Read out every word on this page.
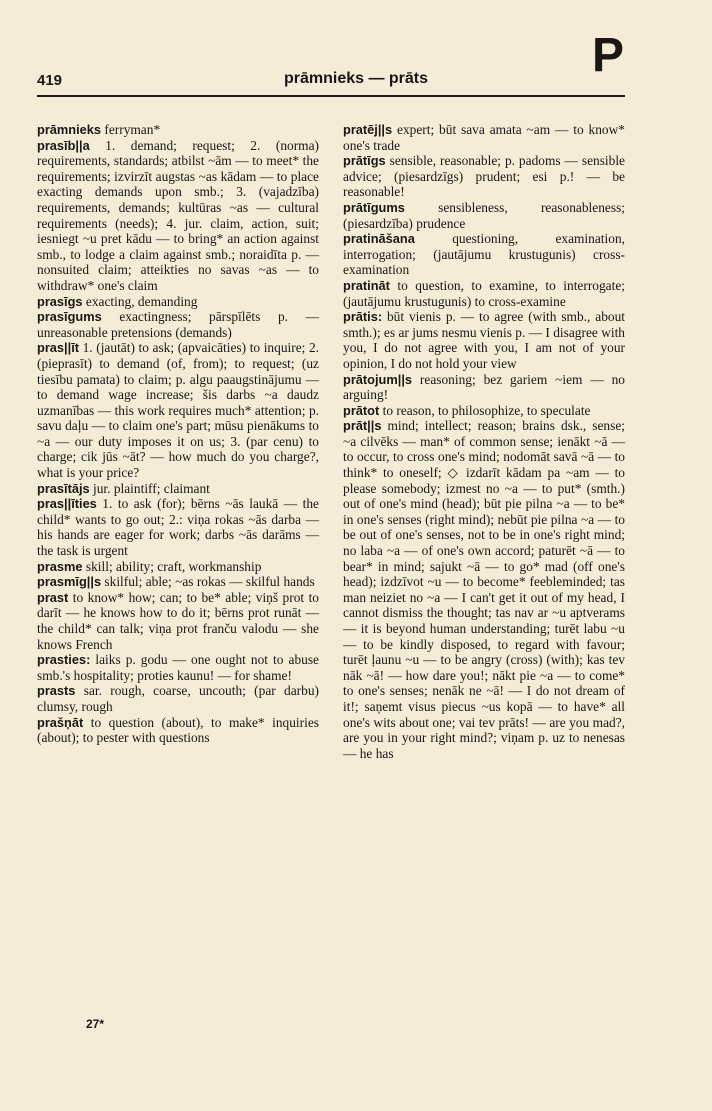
419	prāmnieks — prāts	P

prāmnieks ferryman*

prasīb||a 1. demand; request; 2. (norma) requirements, standards; atbilst ~ām — to meet* the requirements; izvirzīt augstas ~as kādam — to place exacting demands upon smb.; 3. (vajadzība) requirements, demands; kultūras ~as — cultural requirements (needs); 4. jur. claim, action, suit; iesniegt ~u pret kādu — to bring* an action against smb., to lodge a claim against smb.; noraidīta p. — nonsuited claim; atteikties no savas ~as — to withdraw* one's claim

prasīgs exacting, demanding

prasīgums exactingness; pārspīlēts p. — unreasonable pretensions (demands)

pras||īt 1. (jautāt) to ask; (apvaicāties) to inquire; 2. (pieprasīt) to demand (of, from); to request; (uz tiesību pamata) to claim; p. algu paaugstinājumu — to demand wage increase; šis darbs ~a daudz uzmanības — this work requires much* attention; p. savu daļu — to claim one's part; mūsu pienākums to ~a — our duty imposes it on us; 3. (par cenu) to charge; cik jūs ~āt? — how much do you charge?, what is your price?

prasītājs jur. plaintiff; claimant

pras||īties 1. to ask (for); bērns ~ās laukā — the child* wants to go out; 2.: viņa rokas ~ās darba — his hands are eager for work; darbs ~ās darāms — the task is urgent

prasme skill; ability; craft, workmanship

prasmīg||s skilful; able; ~as rokas — skilful hands

prast to know* how; can; to be* able; viņš prot to darīt — he knows how to do it; bērns prot runāt — the child* can talk; viņa prot franču valodu — she knows French

prasties: laiks p. godu — one ought not to abuse smb.'s hospitality; proties kaunu! — for shame!

prasts sar. rough, coarse, uncouth; (par darbu) clumsy, rough

prašņāt to question (about), to make* inquiries (about); to pester with questions

pratēj||s expert; būt sava amata ~am — to know* one's trade

prātīgs sensible, reasonable; p. padoms — sensible advice; (piesardzīgs) prudent; esi p.! — be reasonable!

prātīgums sensibleness, reasonableness; (piesardzība) prudence

pratināšana questioning, examination, interrogation; (jautājumu krustugunis) cross-examination

pratināt to question, to examine, to interrogate; (jautājumu krustugunis) to cross-examine

prātis: būt vienis p. — to agree (with smb., about smth.); es ar jums nesmu vienis p. — I disagree with you, I do not agree with you, I am not of your opinion, I do not hold your view

prātojum||s reasoning; bez gariem ~iem — no arguing!

prātot to reason, to philosophize, to speculate

prāt||s mind; intellect; reason; brains dsk., sense; ~a cilvēks — man* of common sense; ienākt ~ā — to occur, to cross one's mind; nodomāt savā ~ā — to think* to oneself; ◇ izdarīt kādam pa ~am — to please somebody; izmest no ~a — to put* (smth.) out of one's mind (head); būt pie pilna ~a — to be* in one's senses (right mind); nebūt pie pilna ~a — to be out of one's senses, not to be in one's right mind; no laba ~a — of one's own accord; paturēt ~ā — to bear* in mind; sajukt ~ā — to go* mad (off one's head); izdzīvot ~u — to become* feebleminded; tas man neiziet no ~a — I can't get it out of my head, I cannot dismiss the thought; tas nav ar ~u aptverams — it is beyond human understanding; turēt labu ~u — to be kindly disposed, to regard with favour; turēt ļaunu ~u — to be angry (cross) (with); kas tev nāk ~ā! — how dare you!; nākt pie ~a — to come* to one's senses; nenāk ne ~ā! — I do not dream of it!; saņemt visus piecus ~us kopā — to have* all one's wits about one; vai tev prāts! — are you mad?, are you in your right mind?; viņam p. uz to nenesas — he has

27*
